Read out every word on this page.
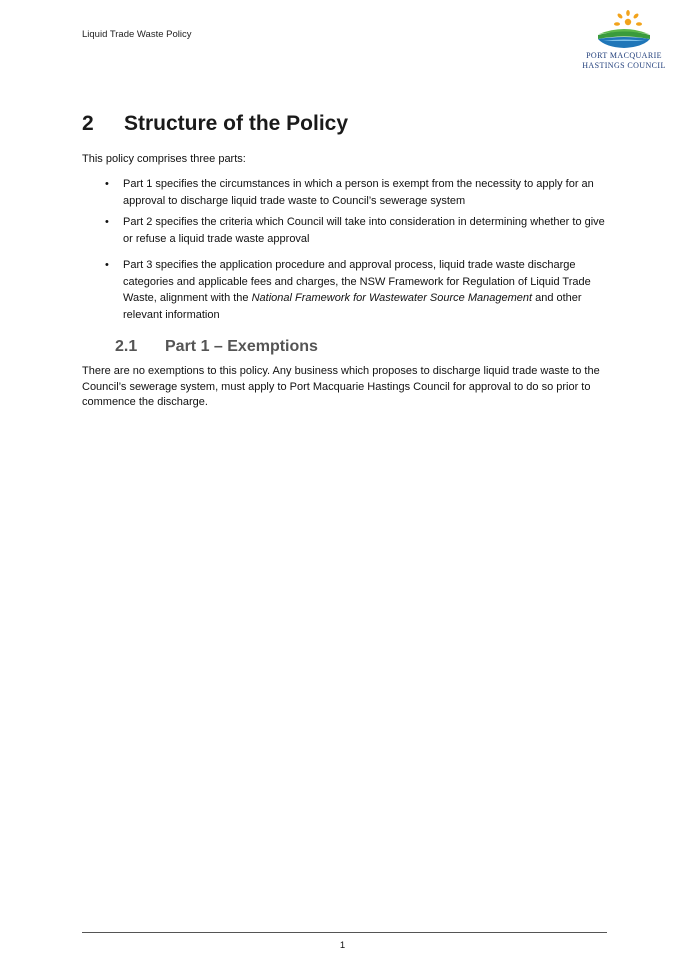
Liquid Trade Waste Policy
PORT MACQUARIE
HASTINGS COUNCIL
2 Structure of the Policy
This policy comprises three parts:
• Part 1 specifies the circumstances in which a person is exempt from the necessity to apply for an approval to discharge liquid trade waste to Council’s sewerage system
• Part 2 specifies the criteria which Council will take into consideration in determining whether to give or refuse a liquid trade waste approval
• Part 3 specifies the application procedure and approval process, liquid trade waste discharge categories and applicable fees and charges, the NSW Framework for Regulation of Liquid Trade Waste, alignment with the National Framework for Wastewater Source Management and other relevant information
2.1 Part 1 – Exemptions
There are no exemptions to this policy. Any business which proposes to discharge liquid trade waste to the Council’s sewerage system, must apply to Port Macquarie Hastings Council for approval to do so prior to commence the discharge.
1
